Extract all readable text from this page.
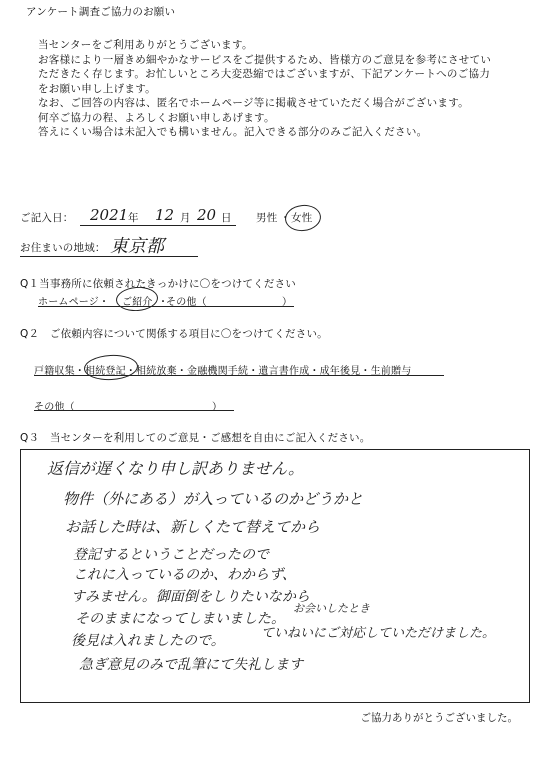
アンケート調査ご協力のお願い
当センターをご利用ありがとうございます。
お客様により一層きめ細やかなサービスをご提供するため、皆様方のご意見を参考にさせてい
ただきたく存じます。お忙しいところ大変恐縮ではございますが、下記アンケートへのご協力
をお願い申し上げます。
なお、ご回答の内容は、匿名でホームページ等に掲載させていただく場合がございます。
何卒ご協力の程、よろしくお願い申しあげます。
答えにくい場合は未記入でも構いません。記入できる部分のみご記入ください。
ご記入日： 2021 年 12 月 20 日 男性 ・ 女性
お住まいの地域： 東京都
Q１当事務所に依頼されたきっかけに〇をつけてください
ホームページ・ ご紹介 ・
その他（	）
Q２　ご依頼内容について関係する項目に〇をつけてください。
戸籍収集・相続登記・相続放棄・金融機関手続・遺言書作成・成年後見・生前贈与
その他（	）
Q３　当センターを利用してのご意見・ご感想を自由にご記入ください。
返信が遅くなり申し訳ありません。
物件（外にある）が入っているのかどうかと
お話した時は、新しくたて替えてから
登記するということだったので
これに入っているのか、わからず、
すみません。御面倒をしりたいなから
そのままになってしまいました。
お会いしたとき
後見は入れましたので。	ていねいにご対応していただけました。
急ぎ意見のみで乱筆にて失礼します
ご協力ありがとうございました。
